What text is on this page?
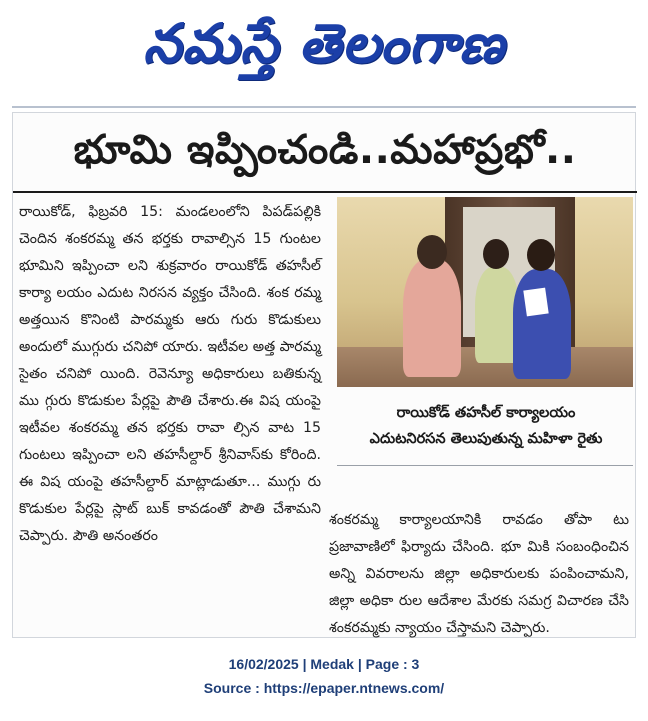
నమస్తే తెలంగాణ
భూమి ఇప్పించండి..మహాప్రభో..

రాయికోడ్, ఫిబ్రవరి 15: మండలంలోని పిపడ్‌పల్లికి చెందిన శంకరమ్మ తన భర్తకు రావాల్సిన 15 గుంటల భూమిని ఇప్పించా లని శుక్రవారం రాయికోడ్ తహసీల్ కార్యా లయం ఎదుట నిరసన వ్యక్తం చేసింది. శంక రమ్మ అత్తయిన కొనింటి పారమ్మకు ఆరు గురు కొడుకులు అందులో ముగ్గురు చనిపో యారు. ఇటీవల అత్త పారమ్మ సైతం చనిపో యింది. రెవెన్యూ అధికారులు బతికున్న ము గ్గురు కొడుకుల పేర్లపై పౌతి చేశారు.ఈ విష యంపై ఇటీవల శంకరమ్మ తన భర్తకు రావా ల్సిన వాట 15 గుంటలు ఇప్పించా లని తహసీల్దార్ శ్రీనివాస్‌కు కోరింది. ఈ విష యంపై తహసీల్దార్ మాట్లాడుతూ... ముగ్గు రు కొడుకుల పేర్లపై స్లాట్ బుక్ కావడంతో పౌతి చేశామని చెప్పారు. పౌతి అనంతరం

రాయికోడ్ తహసీల్ కార్యాలయం
ఎదుటనిరసన తెలుపుతున్న మహిళా రైతు

శంకరమ్మ కార్యాలయానికి రావడం తోపా టు ప్రజావాణిలో ఫిర్యాదు చేసింది. భూ మికి సంబంధించిన అన్ని వివరాలను జిల్లా అధికారులకు పంపించామని, జిల్లా అధికా రుల ఆదేశాల మేరకు సమగ్ర విచారణ చేసి శంకరమ్మకు న్యాయం చేస్తామని చెప్పారు.

16/02/2025 | Medak | Page : 3
Source : https://epaper.ntnews.com/
